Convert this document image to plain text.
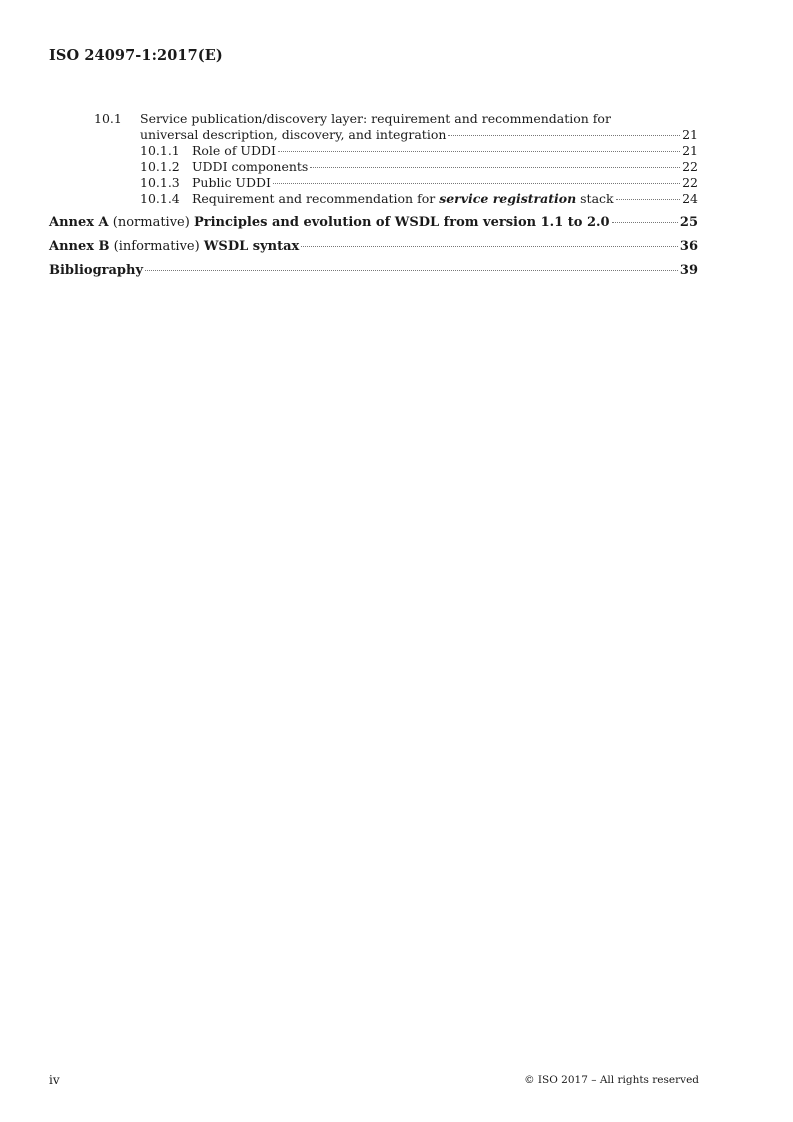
ISO 24097-1:2017(E)
10.1	Service publication/discovery layer: requirement and recommendation for
universal description, discovery, and integration	21
10.1.1 Role of UDDI	21
10.1.2 UDDI components	22
10.1.3 Public UDDI	22
10.1.4 Requirement and recommendation for service registration stack	24
Annex A (normative) Principles and evolution of WSDL from version 1.1 to 2.0	25
Annex B (informative) WSDL syntax	36
Bibliography	39
iv	© ISO 2017 – All rights reserved
